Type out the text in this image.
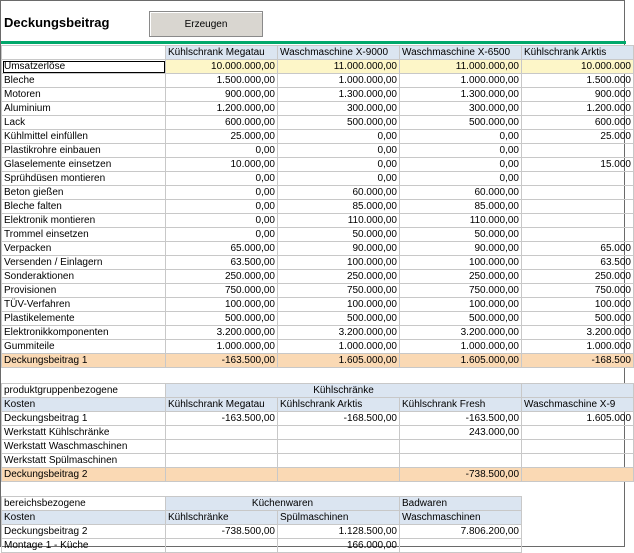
Deckungsbeitrag	Erzeugen
	Kühlschrank Megatau	Waschmaschine X-9000	Waschmaschine X-6500	Kühlschrank Arktis
Umsatzerlöse	10.000.000,00	11.000.000,00	11.000.000,00	10.000.000
Bleche	1.500.000,00	1.000.000,00	1.000.000,00	1.500.000
Motoren	900.000,00	1.300.000,00	1.300.000,00	900.000
Aluminium	1.200.000,00	300.000,00	300.000,00	1.200.000
Lack	600.000,00	500.000,00	500.000,00	600.000
Kühlmittel einfüllen	25.000,00	0,00	0,00	25.000
Plastikrohre einbauen	0,00	0,00	0,00	
Glaselemente einsetzen	10.000,00	0,00	0,00	15.000
Sprühdüsen montieren	0,00	0,00	0,00	
Beton gießen	0,00	60.000,00	60.000,00	
Bleche falten	0,00	85.000,00	85.000,00	
Elektronik montieren	0,00	110.000,00	110.000,00	
Trommel einsetzen	0,00	50.000,00	50.000,00	
Verpacken	65.000,00	90.000,00	90.000,00	65.000
Versenden / Einlagern	63.500,00	100.000,00	100.000,00	63.500
Sonderaktionen	250.000,00	250.000,00	250.000,00	250.000
Provisionen	750.000,00	750.000,00	750.000,00	750.000
TÜV-Verfahren	100.000,00	100.000,00	100.000,00	100.000
Plastikelemente	500.000,00	500.000,00	500.000,00	500.000
Elektronikkomponenten	3.200.000,00	3.200.000,00	3.200.000,00	3.200.000
Gummiteile	1.000.000,00	1.000.000,00	1.000.000,00	1.000.000
Deckungsbeitrag 1	-163.500,00	1.605.000,00	1.605.000,00	-168.500
produktgruppenbezogene	Kühlschränke			
Kosten	Kühlschrank Megatau	Kühlschrank Arktis	Kühlschrank Fresh	Waschmaschine X-9
Deckungsbeitrag 1	-163.500,00	-168.500,00	-163.500,00	1.605.000
Werkstatt Kühlschränke			243.000,00	
Werkstatt Waschmaschinen				
Werkstatt Spülmaschinen				
Deckungsbeitrag 2			-738.500,00	
bereichsbezogene	Küchenwaren		Badwaren
Kosten	Kühlschränke	Spülmaschinen	Waschmaschinen
Deckungsbeitrag 2	-738.500,00	1.128.500,00	7.806.200,00
Montage 1 - Küche		166.000,00	
